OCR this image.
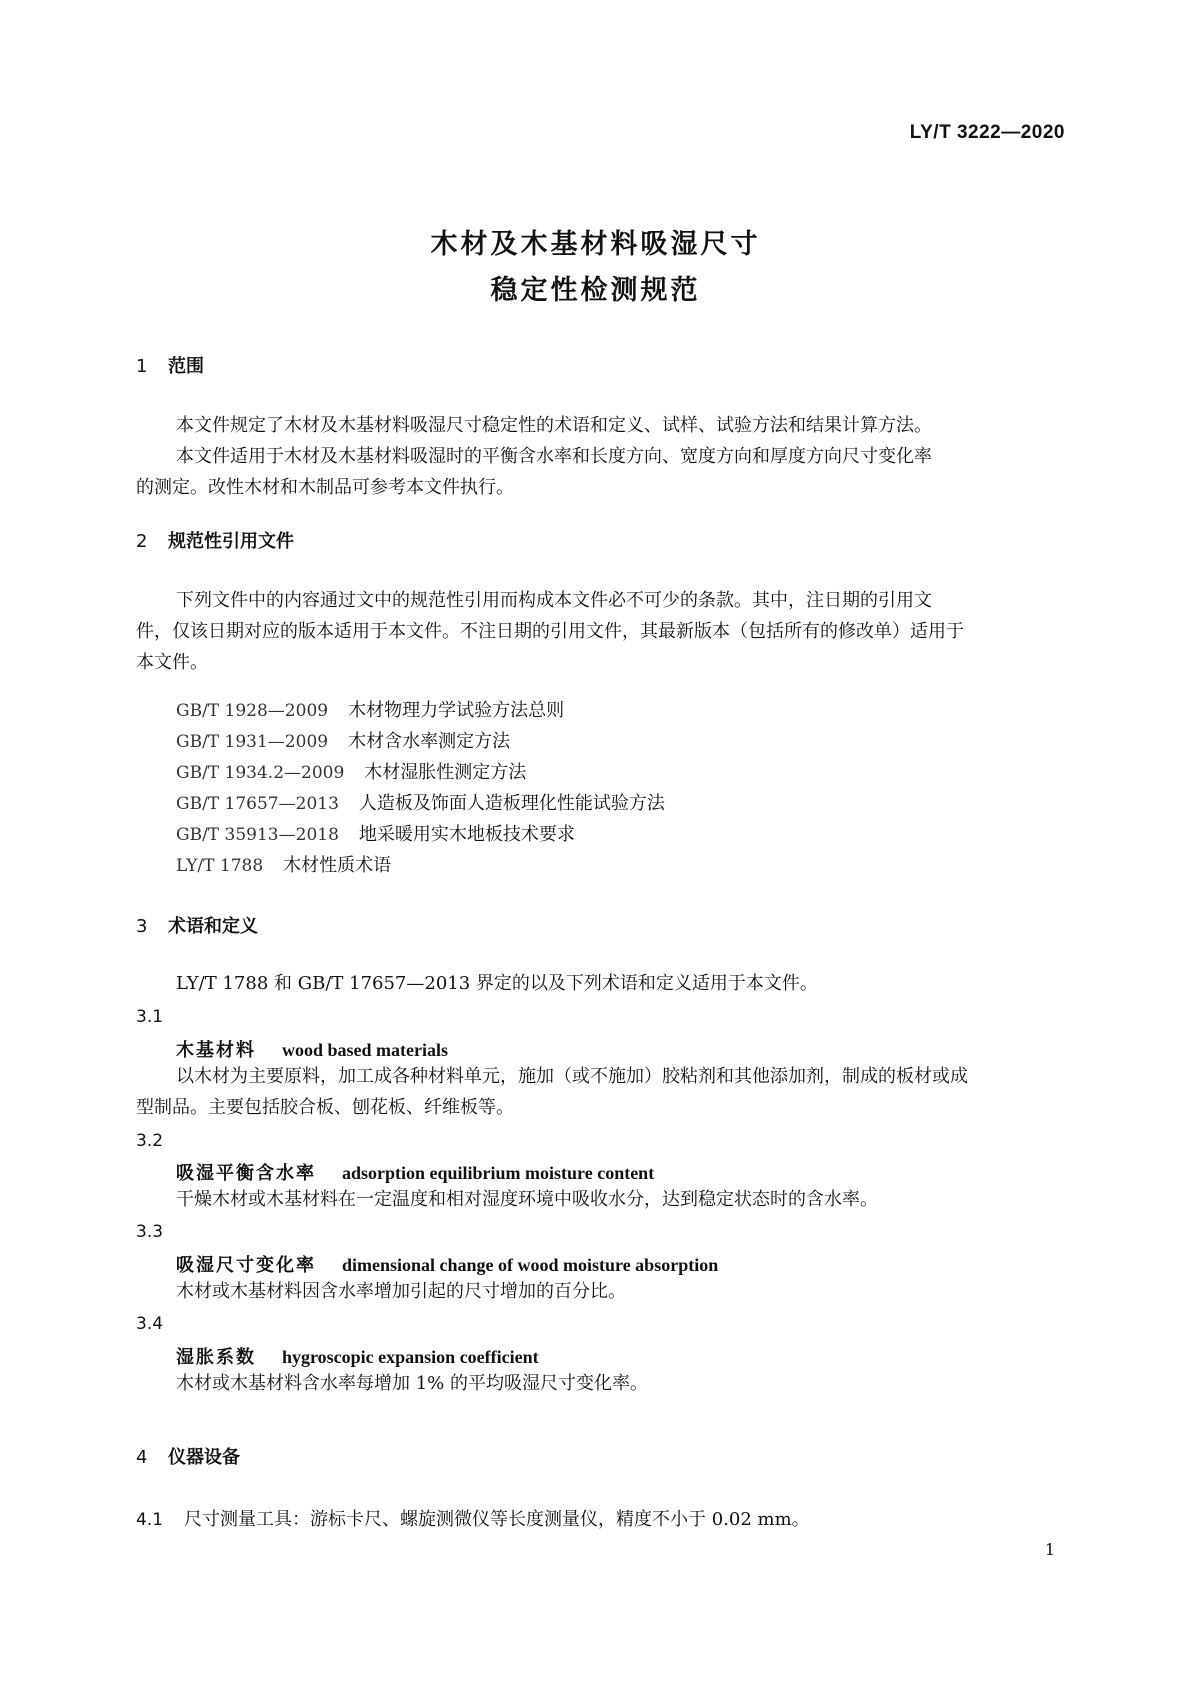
LY/T 3222—2020
木材及木基材料吸湿尺寸
稳定性检测规范
1 范围
本文件规定了木材及木基材料吸湿尺寸稳定性的术语和定义、试样、试验方法和结果计算方法。
本文件适用于木材及木基材料吸湿时的平衡含水率和长度方向、宽度方向和厚度方向尺寸变化率
的测定。改性木材和木制品可参考本文件执行。
2 规范性引用文件
下列文件中的内容通过文中的规范性引用而构成本文件必不可少的条款。其中，注日期的引用文
件，仅该日期对应的版本适用于本文件。不注日期的引用文件，其最新版本（包括所有的修改单）适用于
本文件。
GB/T 1928—2009 木材物理力学试验方法总则
GB/T 1931—2009 木材含水率测定方法
GB/T 1934.2—2009 木材湿胀性测定方法
GB/T 17657—2013 人造板及饰面人造板理化性能试验方法
GB/T 35913—2018 地采暖用实木地板技术要求
LY/T 1788 木材性质术语
3 术语和定义
LY/T 1788 和 GB/T 17657—2013 界定的以及下列术语和定义适用于本文件。
3.1
木基材料 wood based materials
以木材为主要原料，加工成各种材料单元，施加（或不施加）胶粘剂和其他添加剂，制成的板材或成
型制品。主要包括胶合板、刨花板、纤维板等。
3.2
吸湿平衡含水率 adsorption equilibrium moisture content
干燥木材或木基材料在一定温度和相对湿度环境中吸收水分，达到稳定状态时的含水率。
3.3
吸湿尺寸变化率 dimensional change of wood moisture absorption
木材或木基材料因含水率增加引起的尺寸增加的百分比。
3.4
湿胀系数 hygroscopic expansion coefficient
木材或木基材料含水率每增加 1% 的平均吸湿尺寸变化率。
4 仪器设备
4.1 尺寸测量工具：游标卡尺、螺旋测微仪等长度测量仪，精度不小于 0.02 mm。
1
